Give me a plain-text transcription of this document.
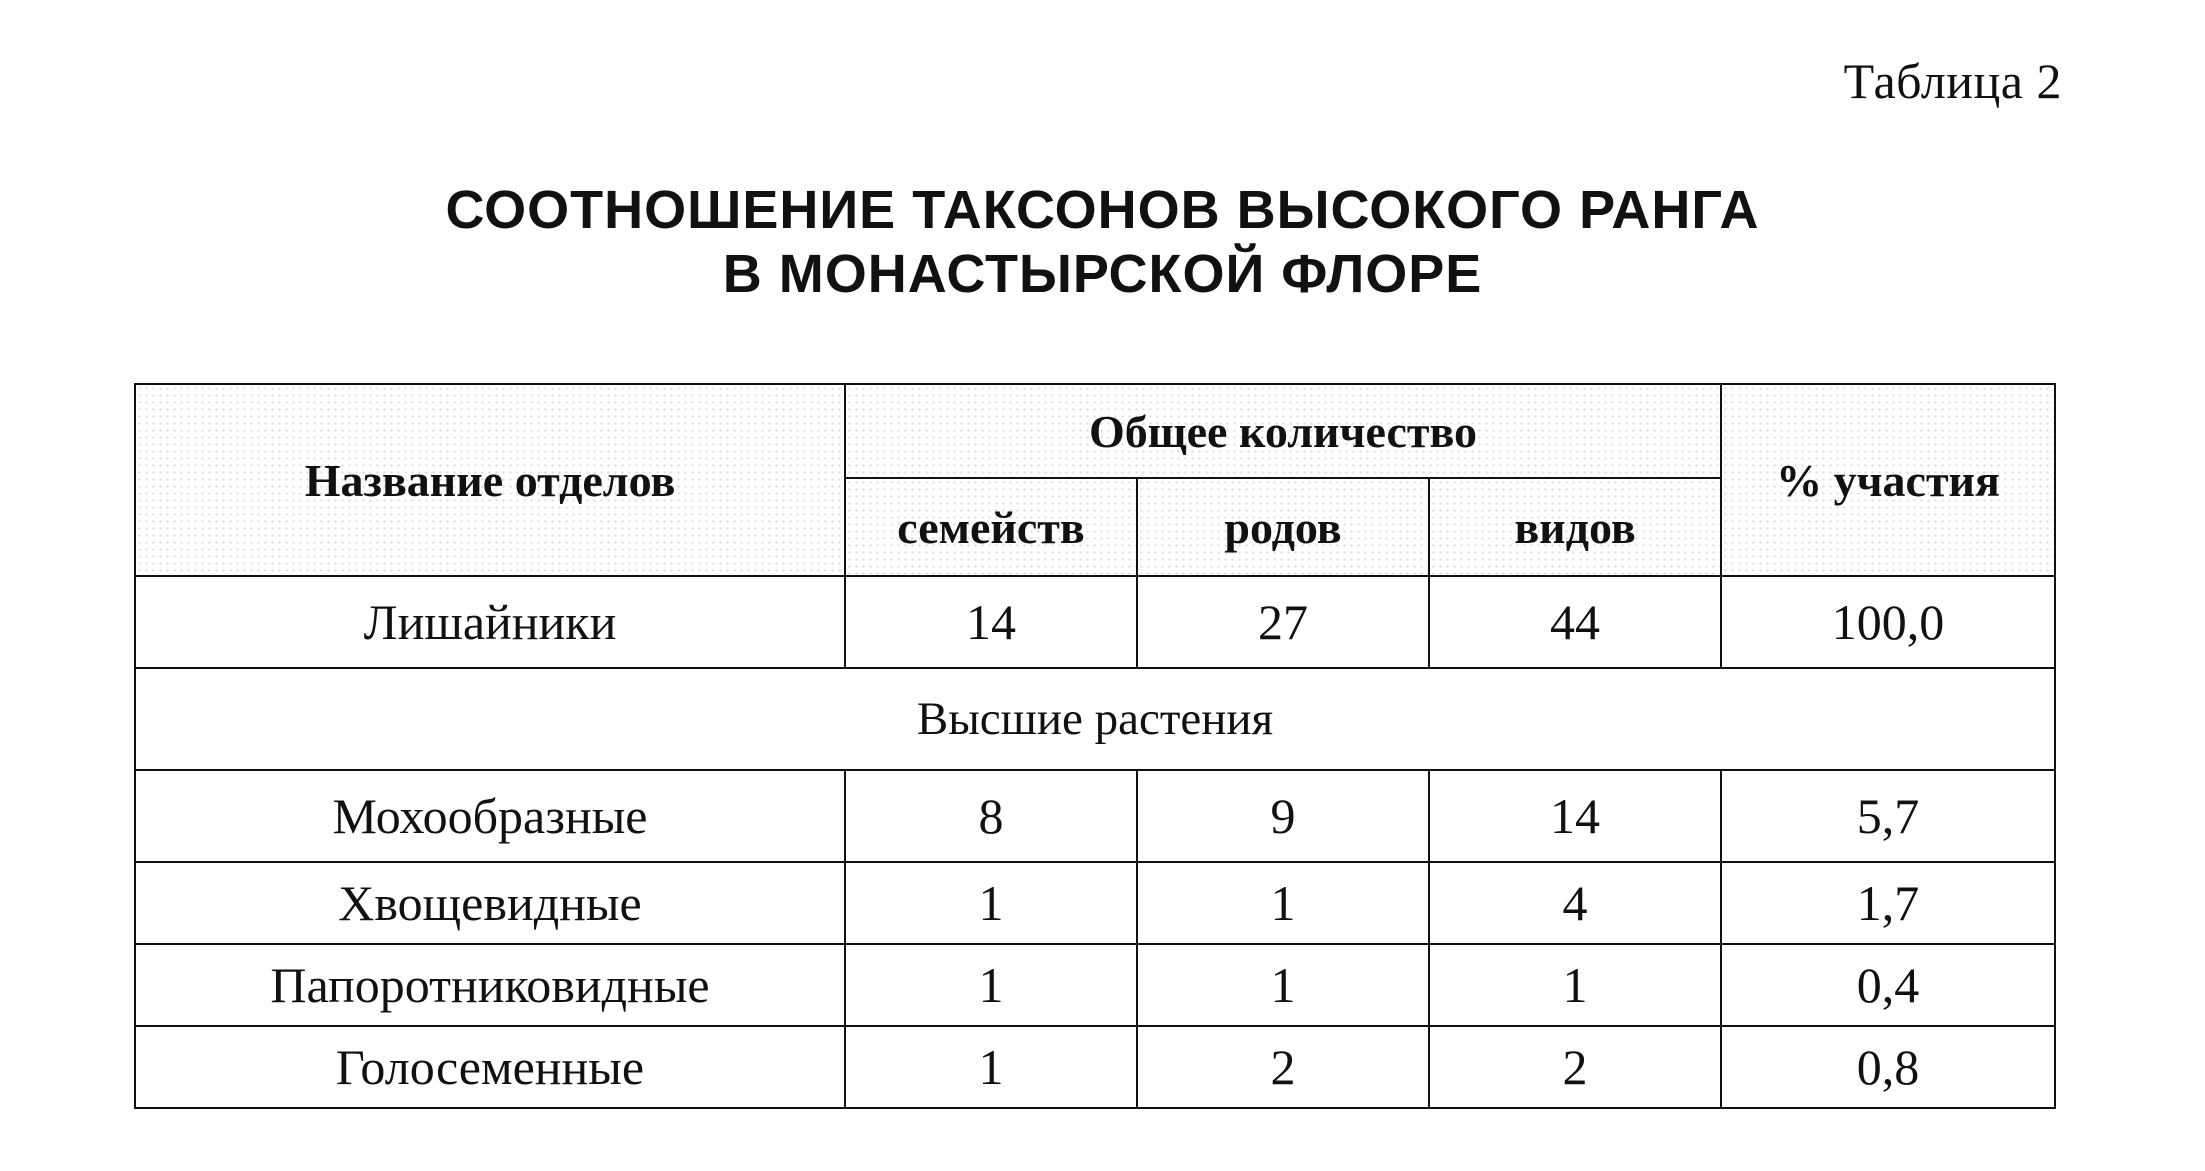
Таблица 2
СООТНОШЕНИЕ ТАКСОНОВ ВЫСОКОГО РАНГА
В МОНАСТЫРСКОЙ ФЛОРЕ
Название отделов	Общее количество			% участия
	семейств	родов	видов	
Лишайники	14	27	44	100,0
Высшие растения				
Мохообразные	8	9	14	5,7
Хвощевидные	1	1	4	1,7
Папоротниковидные	1	1	1	0,4
Голосеменные	1	2	2	0,8
